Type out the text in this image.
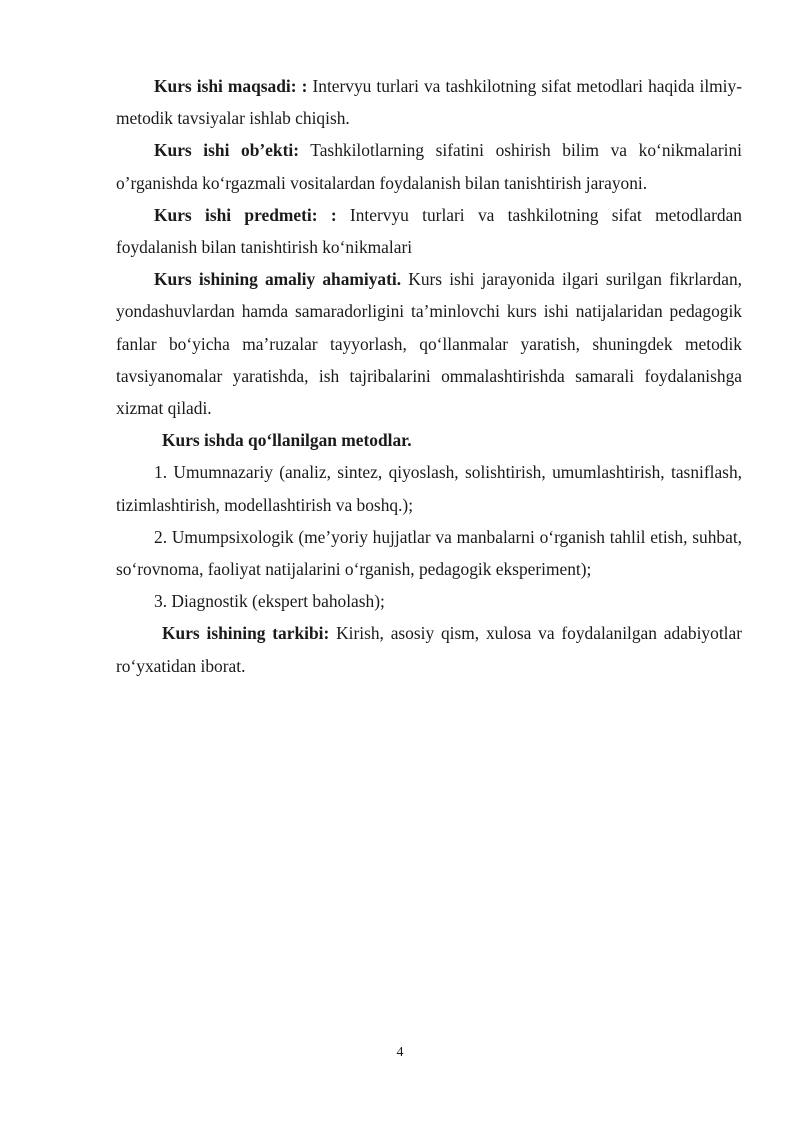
Kurs ishi maqsadi: : Intervyu turlari va tashkilotning sifat metodlari haqida ilmiy-metodik tavsiyalar ishlab chiqish.

Kurs ishi ob’ekti: Tashkilotlarning sifatini oshirish bilim va ko‘nikmalarini o’rganishda ko‘rgazmali vositalardan foydalanish bilan tanishtirish jarayoni.

Kurs ishi predmeti: : Intervyu turlari va tashkilotning sifat metodlardan foydalanish bilan tanishtirish ko‘nikmalari

Kurs ishining amaliy ahamiyati. Kurs ishi jarayonida ilgari surilgan fikrlardan, yondashuvlardan hamda samaradorligini ta’minlovchi kurs ishi natijalaridan pedagogik fanlar bo‘yicha ma’ruzalar tayyorlash, qo‘llanmalar yaratish, shuningdek metodik tavsiyanomalar yaratishda, ish tajribalarini ommalashtirishda samarali foydalanishga xizmat qiladi.

Kurs ishda qo‘llanilgan metodlar.

1. Umumnazariy (analiz, sintez, qiyoslash, solishtirish, umumlashtirish, tasniflash, tizimlashtirish, modellashtirish va boshq.);

2. Umumpsixologik (me’yoriy hujjatlar va manbalarni o‘rganish tahlil etish, suhbat, so‘rovnoma, faoliyat natijalarini o‘rganish, pedagogik eksperiment);

3. Diagnostik (ekspert baholash);

Kurs ishining tarkibi: Kirish, asosiy qism, xulosa va foydalanilgan adabiyotlar ro‘yxatidan iborat.

4
